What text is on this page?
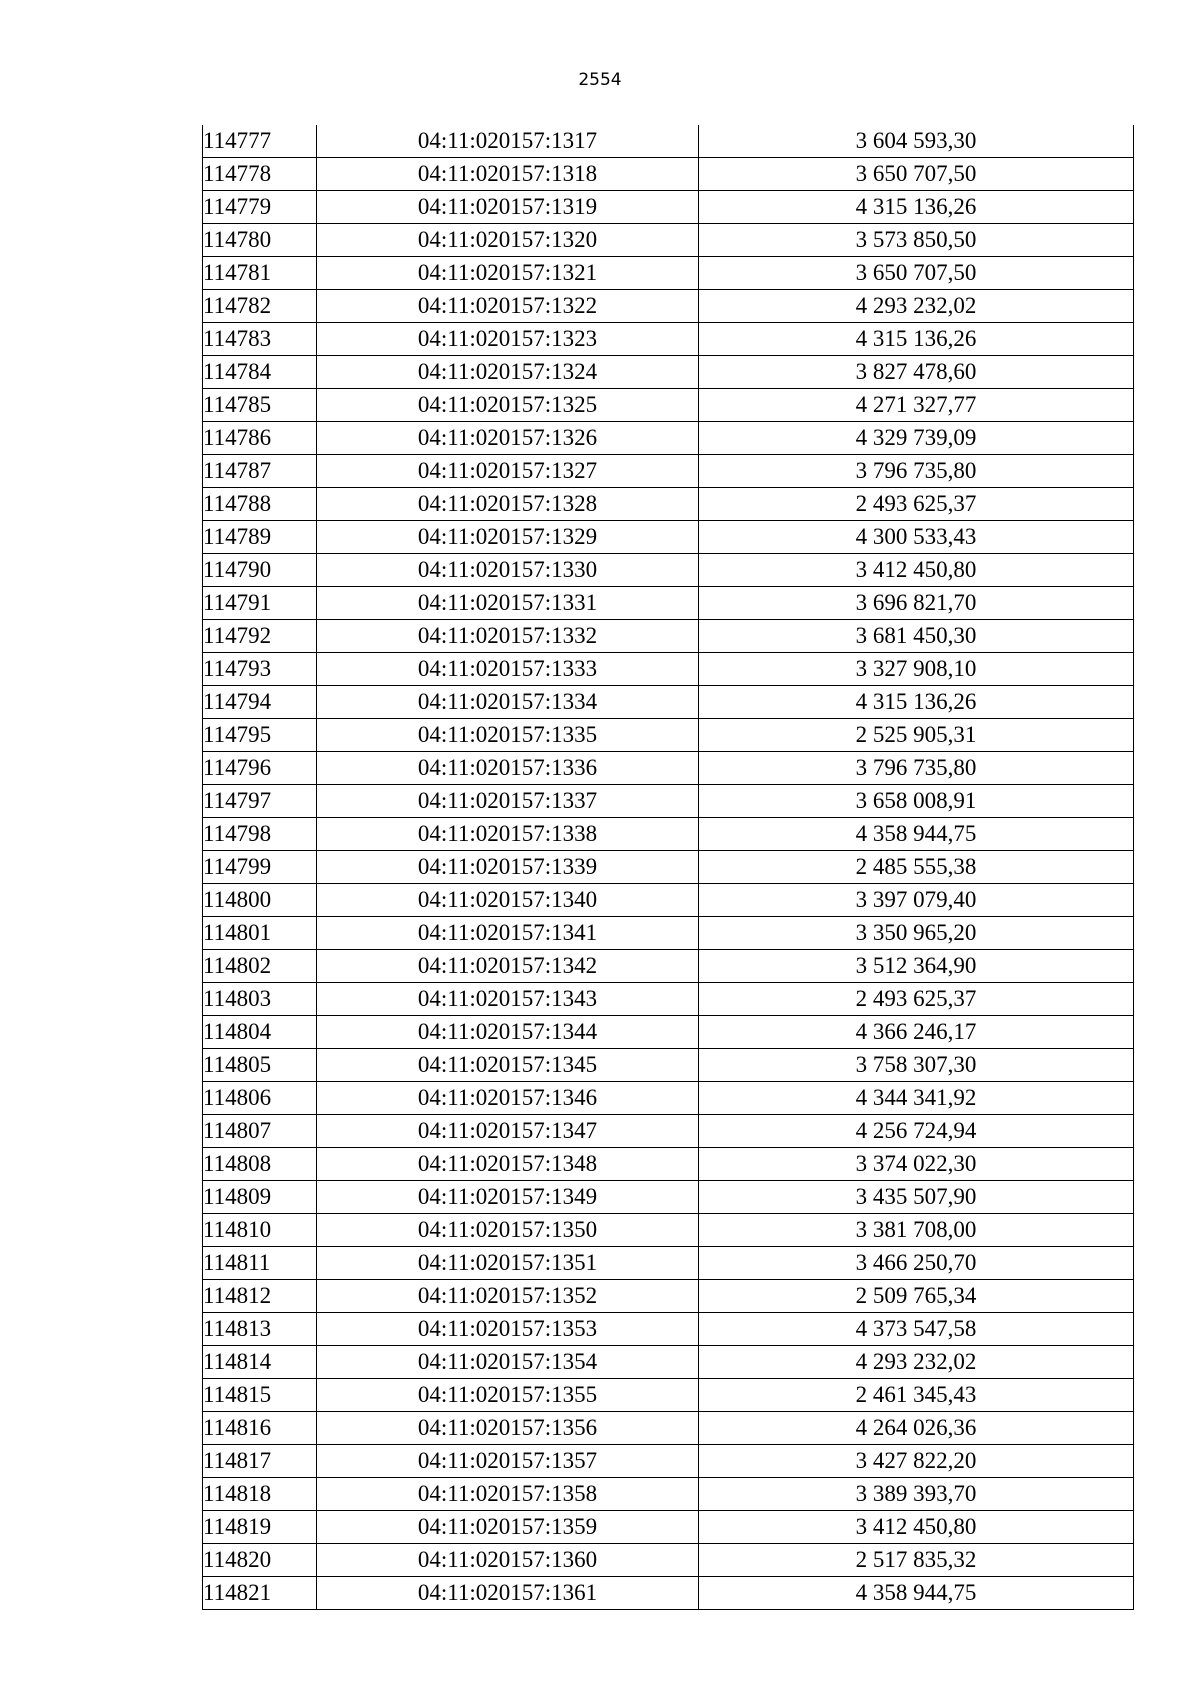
2554
114777	04:11:020157:1317	3 604 593,30
114778	04:11:020157:1318	3 650 707,50
114779	04:11:020157:1319	4 315 136,26
114780	04:11:020157:1320	3 573 850,50
114781	04:11:020157:1321	3 650 707,50
114782	04:11:020157:1322	4 293 232,02
114783	04:11:020157:1323	4 315 136,26
114784	04:11:020157:1324	3 827 478,60
114785	04:11:020157:1325	4 271 327,77
114786	04:11:020157:1326	4 329 739,09
114787	04:11:020157:1327	3 796 735,80
114788	04:11:020157:1328	2 493 625,37
114789	04:11:020157:1329	4 300 533,43
114790	04:11:020157:1330	3 412 450,80
114791	04:11:020157:1331	3 696 821,70
114792	04:11:020157:1332	3 681 450,30
114793	04:11:020157:1333	3 327 908,10
114794	04:11:020157:1334	4 315 136,26
114795	04:11:020157:1335	2 525 905,31
114796	04:11:020157:1336	3 796 735,80
114797	04:11:020157:1337	3 658 008,91
114798	04:11:020157:1338	4 358 944,75
114799	04:11:020157:1339	2 485 555,38
114800	04:11:020157:1340	3 397 079,40
114801	04:11:020157:1341	3 350 965,20
114802	04:11:020157:1342	3 512 364,90
114803	04:11:020157:1343	2 493 625,37
114804	04:11:020157:1344	4 366 246,17
114805	04:11:020157:1345	3 758 307,30
114806	04:11:020157:1346	4 344 341,92
114807	04:11:020157:1347	4 256 724,94
114808	04:11:020157:1348	3 374 022,30
114809	04:11:020157:1349	3 435 507,90
114810	04:11:020157:1350	3 381 708,00
114811	04:11:020157:1351	3 466 250,70
114812	04:11:020157:1352	2 509 765,34
114813	04:11:020157:1353	4 373 547,58
114814	04:11:020157:1354	4 293 232,02
114815	04:11:020157:1355	2 461 345,43
114816	04:11:020157:1356	4 264 026,36
114817	04:11:020157:1357	3 427 822,20
114818	04:11:020157:1358	3 389 393,70
114819	04:11:020157:1359	3 412 450,80
114820	04:11:020157:1360	2 517 835,32
114821	04:11:020157:1361	4 358 944,75
